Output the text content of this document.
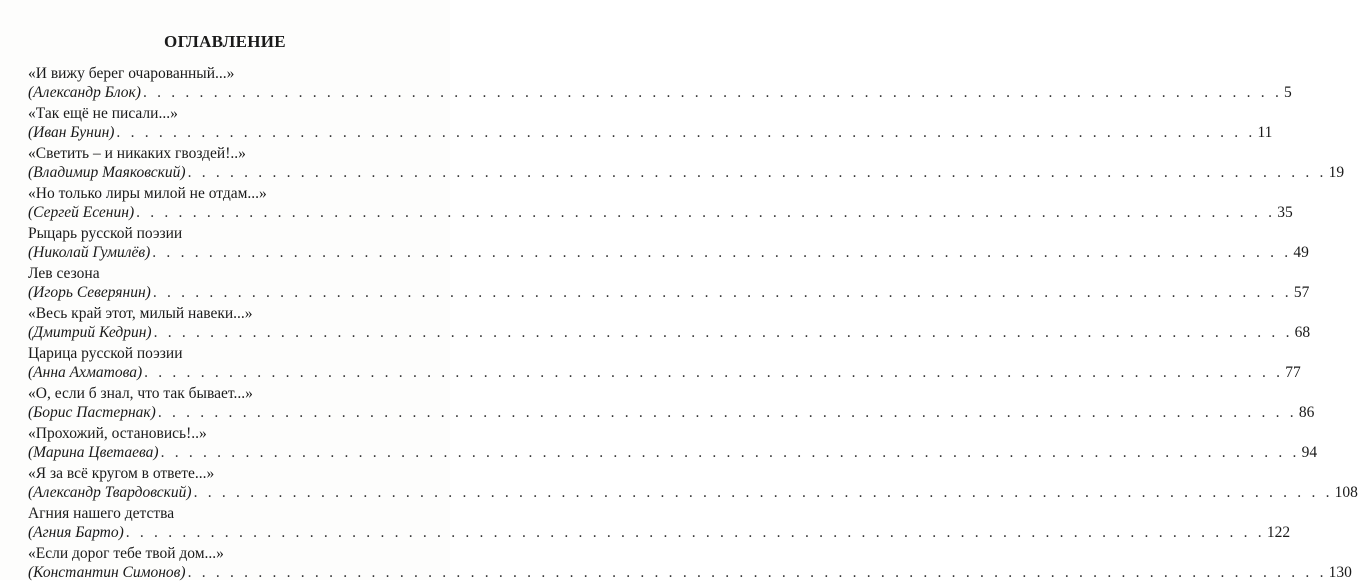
ОГЛАВЛЕНИЕ
«И вижу берег очарованный...»
(Александр Блок) . . . . . . . . . . . . . . . . . . . . . . . . . . . . . . . . . . . . . . . . . . . . . . . . . . . . . . . . . . . . . . . . . . . . . . . . . . . . . . . . . 5
«Так ещё не писали...»
(Иван Бунин) . . . . . . . . . . . . . . . . . . . . . . . . . . . . . . . . . . . . . . . . . . . . . . . . . . . . . . . . . . . . . . . . . . . . . . . . . . . . . . . . . 11
«Светить – и никаких гвоздей!..»
(Владимир Маяковский) . . . . . . . . . . . . . . . . . . . . . . . . . . . . . . . . . . . . . . . . . . . . . . . . . . . . . . . . . . . . . . . . . . . . . . . . . . . . . . . . . 19
«Но только лиры милой не отдам...»
(Сергей Есенин) . . . . . . . . . . . . . . . . . . . . . . . . . . . . . . . . . . . . . . . . . . . . . . . . . . . . . . . . . . . . . . . . . . . . . . . . . . . . . . . . . 35
Рыцарь русской поэзии
(Николай Гумилёв) . . . . . . . . . . . . . . . . . . . . . . . . . . . . . . . . . . . . . . . . . . . . . . . . . . . . . . . . . . . . . . . . . . . . . . . . . . . . . . . . . 49
Лев сезона
(Игорь Северянин) . . . . . . . . . . . . . . . . . . . . . . . . . . . . . . . . . . . . . . . . . . . . . . . . . . . . . . . . . . . . . . . . . . . . . . . . . . . . . . . . . 57
«Весь край этот, милый навеки...»
(Дмитрий Кедрин) . . . . . . . . . . . . . . . . . . . . . . . . . . . . . . . . . . . . . . . . . . . . . . . . . . . . . . . . . . . . . . . . . . . . . . . . . . . . . . . . . 68
Царица русской поэзии
(Анна Ахматова) . . . . . . . . . . . . . . . . . . . . . . . . . . . . . . . . . . . . . . . . . . . . . . . . . . . . . . . . . . . . . . . . . . . . . . . . . . . . . . . . . 77
«О, если б знал, что так бывает...»
(Борис Пастернак) . . . . . . . . . . . . . . . . . . . . . . . . . . . . . . . . . . . . . . . . . . . . . . . . . . . . . . . . . . . . . . . . . . . . . . . . . . . . . . . . . 86
«Прохожий, остановись!..»
(Марина Цветаева) . . . . . . . . . . . . . . . . . . . . . . . . . . . . . . . . . . . . . . . . . . . . . . . . . . . . . . . . . . . . . . . . . . . . . . . . . . . . . . . . . 94
«Я за всё кругом в ответе...»
(Александр Твардовский) . . . . . . . . . . . . . . . . . . . . . . . . . . . . . . . . . . . . . . . . . . . . . . . . . . . . . . . . . . . . . . . . . . . . . . . . . . . . . . . . . 108
Агния нашего детства
(Агния Барто) . . . . . . . . . . . . . . . . . . . . . . . . . . . . . . . . . . . . . . . . . . . . . . . . . . . . . . . . . . . . . . . . . . . . . . . . . . . . . . . . . 122
«Если дорог тебе твой дом...»
(Константин Симонов) . . . . . . . . . . . . . . . . . . . . . . . . . . . . . . . . . . . . . . . . . . . . . . . . . . . . . . . . . . . . . . . . . . . . . . . . . . . . . . . . . 130
